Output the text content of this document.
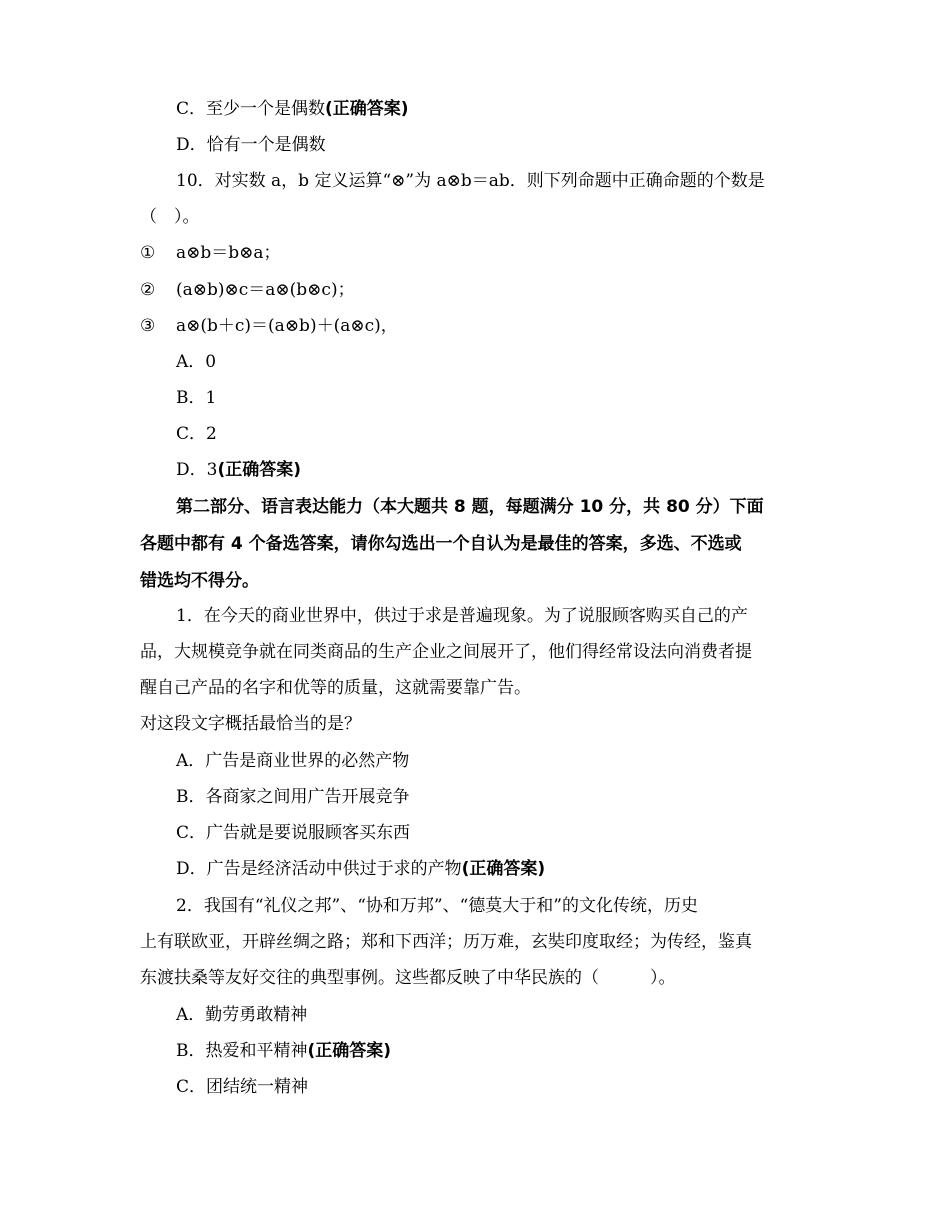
C．至少一个是偶数(正确答案)
D．恰有一个是偶数
10．对实数 a，b 定义运算“⊗”为 a⊗b＝ab．则下列命题中正确命题的个数是
（　）。
① a⊗b＝b⊗a；
② (a⊗b)⊗c＝a⊗(b⊗c)；
③ a⊗(b＋c)＝(a⊗b)＋(a⊗c)，
A．0
B．1
C．2
D．3(正确答案)
第二部分、语言表达能力（本大题共 8 题，每题满分 10 分，共 80 分）下面
各题中都有 4 个备选答案，请你勾选出一个自认为是最佳的答案，多选、不选或
错选均不得分。
1．在今天的商业世界中，供过于求是普遍现象。为了说服顾客购买自己的产
品，大规模竞争就在同类商品的生产企业之间展开了，他们得经常设法向消费者提
醒自己产品的名字和优等的质量，这就需要靠广告。
对这段文字概括最恰当的是？
A．广告是商业世界的必然产物
B．各商家之间用广告开展竞争
C．广告就是要说服顾客买东西
D．广告是经济活动中供过于求的产物(正确答案)
2．我国有“礼仪之邦”、“协和万邦”、“德莫大于和”的文化传统，历史
上有联欧亚，开辟丝绸之路；郑和下西洋；历万难，玄奘印度取经；为传经，鉴真
东渡扶桑等友好交往的典型事例。这些都反映了中华民族的（　　　）。
A．勤劳勇敢精神
B．热爱和平精神(正确答案)
C．团结统一精神
